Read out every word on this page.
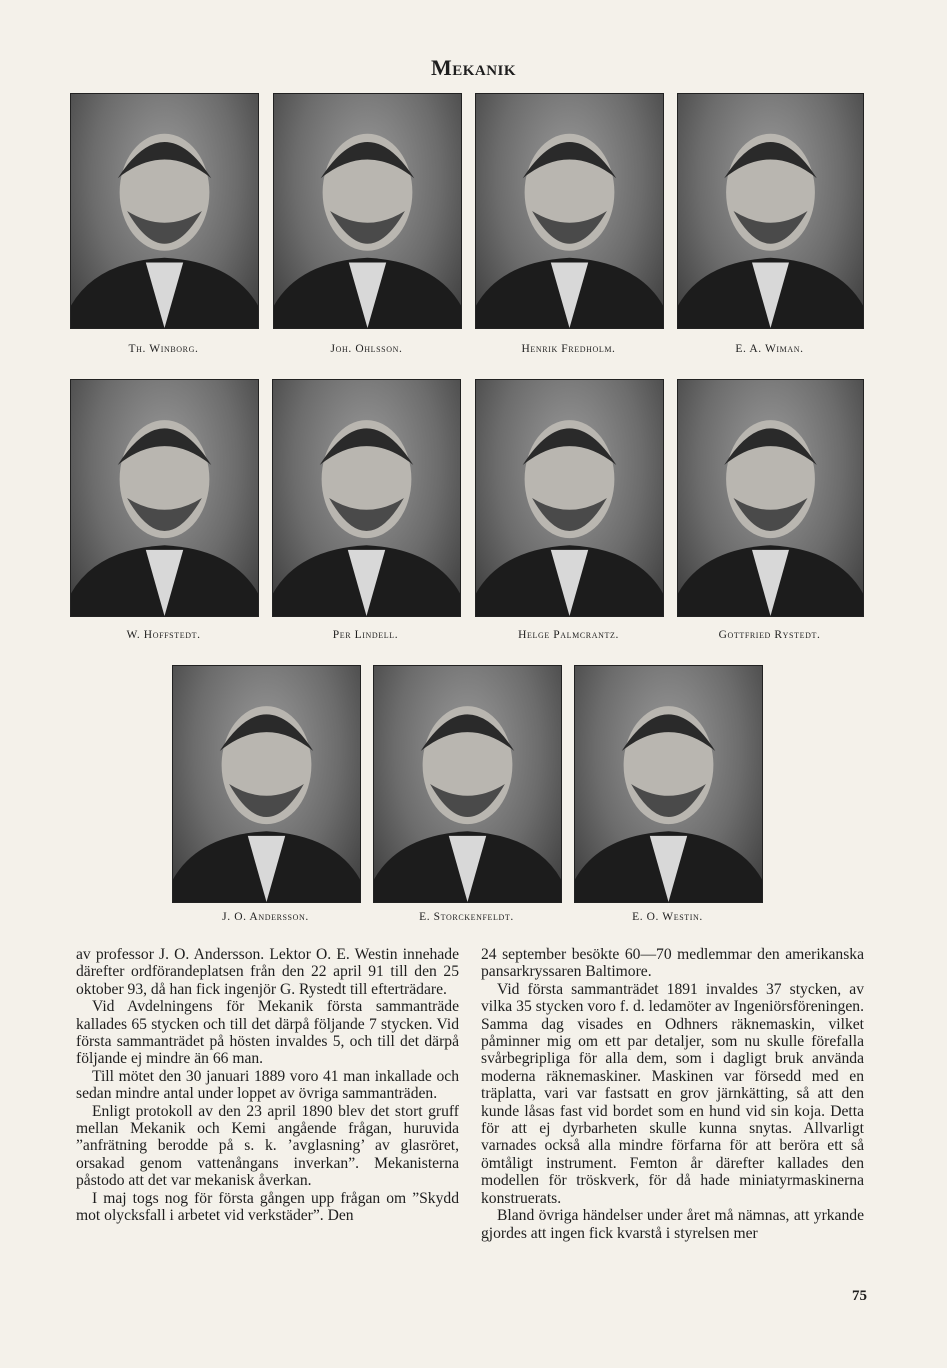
Mekanik
Th. Winborg.	Joh. Ohlsson.	Henrik Fredholm.	E. A. Wiman.
W. Hoffstedt.	Per Lindell.	Helge Palmcrantz.	Gottfried Rystedt.
J. O. Andersson.	E. Storckenfeldt.	E. O. Westin.

av professor J. O. Andersson. Lektor O. E. Westin innehade därefter ordförandeplatsen från den 22 april 91 till den 25 oktober 93, då han fick ingenjör G. Rystedt till efterträdare.

Vid Avdelningens för Mekanik första sammanträde kallades 65 stycken och till det därpå följande 7 stycken. Vid första sammanträdet på hösten invaldes 5, och till det därpå följande ej mindre än 66 man.

Till mötet den 30 januari 1889 voro 41 man inkallade och sedan mindre antal under loppet av övriga sammanträden.

Enligt protokoll av den 23 april 1890 blev det stort gruff mellan Mekanik och Kemi angående frågan, huruvida ”anfrätning berodde på s. k. ’avglasning’ av glasröret, orsakad genom vattenångans inverkan”. Mekanisterna påstodo att det var mekanisk åverkan.

I maj togs nog för första gången upp frågan om ”Skydd mot olycksfall i arbetet vid verkstäder”. Den

24 september besökte 60—70 medlemmar den amerikanska pansarkryssaren Baltimore.

Vid första sammanträdet 1891 invaldes 37 stycken, av vilka 35 stycken voro f. d. ledamöter av Ingeniörsföreningen. Samma dag visades en Odhners räknemaskin, vilket påminner mig om ett par detaljer, som nu skulle förefalla svårbegripliga för alla dem, som i dagligt bruk använda moderna räknemaskiner. Maskinen var försedd med en träplatta, vari var fastsatt en grov järnkätting, så att den kunde låsas fast vid bordet som en hund vid sin koja. Detta för att ej dyrbarheten skulle kunna snytas. Allvarligt varnades också alla mindre förfarna för att beröra ett så ömtåligt instrument. Femton år därefter kallades den modellen för tröskverk, för då hade miniatyrmaskinerna konstruerats.

Bland övriga händelser under året må nämnas, att yrkande gjordes att ingen fick kvarstå i styrelsen mer

75
